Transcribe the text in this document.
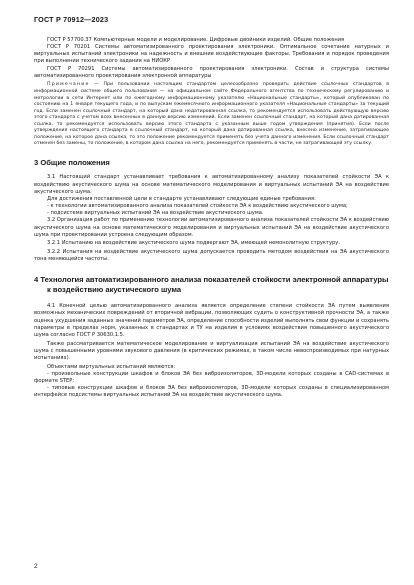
ГОСТ Р 70912—2023

ГОСТ Р 57700.37 Компьютерные модели и моделирование. Цифровые двойники изделий. Общие положения

ГОСТ Р 70201 Системы автоматизированного проектирования электроники. Оптимальное сочетание натурных и виртуальных испытаний электроники на надежность и внешние воздействующие факторы. Требования и порядок проведения при выполнении технического задания на НИОКР

ГОСТ Р 70291 Системы автоматизированного проектирования электроники. Состав и структура системы автоматизированного проектирования электронной аппаратуры

Примечание — При пользовании настоящим стандартом целесообразно проверить действие ссылочных стандартов в информационной системе общего пользования — на официальном сайте Федерального агентства по техническому регулированию и метрологии в сети Интернет или по ежегодному информационному указателю «Национальные стандарты», который опубликован по состоянию на 1 января текущего года, и по выпускам ежемесячного информационного указателя «Национальные стандарты» за текущий год. Если заменен ссылочный стандарт, на который дана недатированная ссылка, то рекомендуется использовать действующую версию этого стандарта с учетом всех внесенных в данную версию изменений. Если заменен ссылочный стандарт, на который дана датированная ссылка, то рекомендуется использовать версию этого стандарта с указанным выше годом утверждения (принятия). Если после утверждения настоящего стандарта в ссылочный стандарт, на который дана датированная ссылка, внесено изменение, затрагивающее положение, на которое дана ссылка, то это положение рекомендуется применять без учета данного изменения. Если ссылочный стандарт отменен без замены, то положение, в котором дана ссылка на него, рекомендуется применять в части, не затрагивающей эту ссылку.

3 Общие положения

3.1 Настоящий стандарт устанавливает требования к автоматизированному анализу показателей стойкости ЭА к воздействию акустического шума на основе математического моделирования и виртуальных испытаний ЭА на воздействие акустического шума.

Для достижения поставленной цели в стандарте устанавливают следующие единые требования:

- к технологии автоматизированного анализа показателей стойкости ЭА к воздействию акустического шума;

- подсистеме виртуальных испытаний ЭА на воздействие акустического шума.

3.2 Организация работ по применению технологии автоматизированного анализа показателей стойкости ЭА к воздействию акустического шума на основе математического моделирования и виртуальных испытаний ЭА на воздействие акустического шума при проектировании устроена следующим образом.

3.2.1 Испытанию на воздействие акустического шума подвергают ЭА, имеющей немонолитную структуру.

3.2.2 Испытания на воздействие акустического шума допускается проводить методом воздействия на ЭА акустического тона меняющейся частоты.

4 Технология автоматизированного анализа показателей стойкости электронной аппаратуры к воздействию акустического шума

4.1 Конечной целью автоматизированного анализа является определение степени стойкости ЭА путем выявления возможных механических повреждений от вторичной вибрации, позволяющих судить о конструктивной прочности ЭА, а также оценка ухудшения заданных значений параметров ЭА, определение способности изделий выполнять свои функции и сохранять параметры в пределах норм, указанных в стандартах и ТУ на изделия в условиях воздействия повышенного акустического шума согласно ГОСТ Р 30630.1.5.

Также рассматривается математическое моделирование и виртуализация испытаний ЭА на воздействие акустического шума с повышенными уровнями звукового давления (в критических режимах, в таком числе невоспроизводимых при натурных испытаниях).

Объектами виртуальных испытаний являются:

- произвольные конструкции шкафов и блоков ЭА без виброизоляторов, 3D-модели которых созданы в CAD-системах в формате STEP;

- типовые конструкции шкафов и блоков ЭА без виброизоляторов, 3D-модели которых созданы в специализированном интерфейсе подсистемы виртуальных испытаний ЭА на воздействие акустического шума.

2
